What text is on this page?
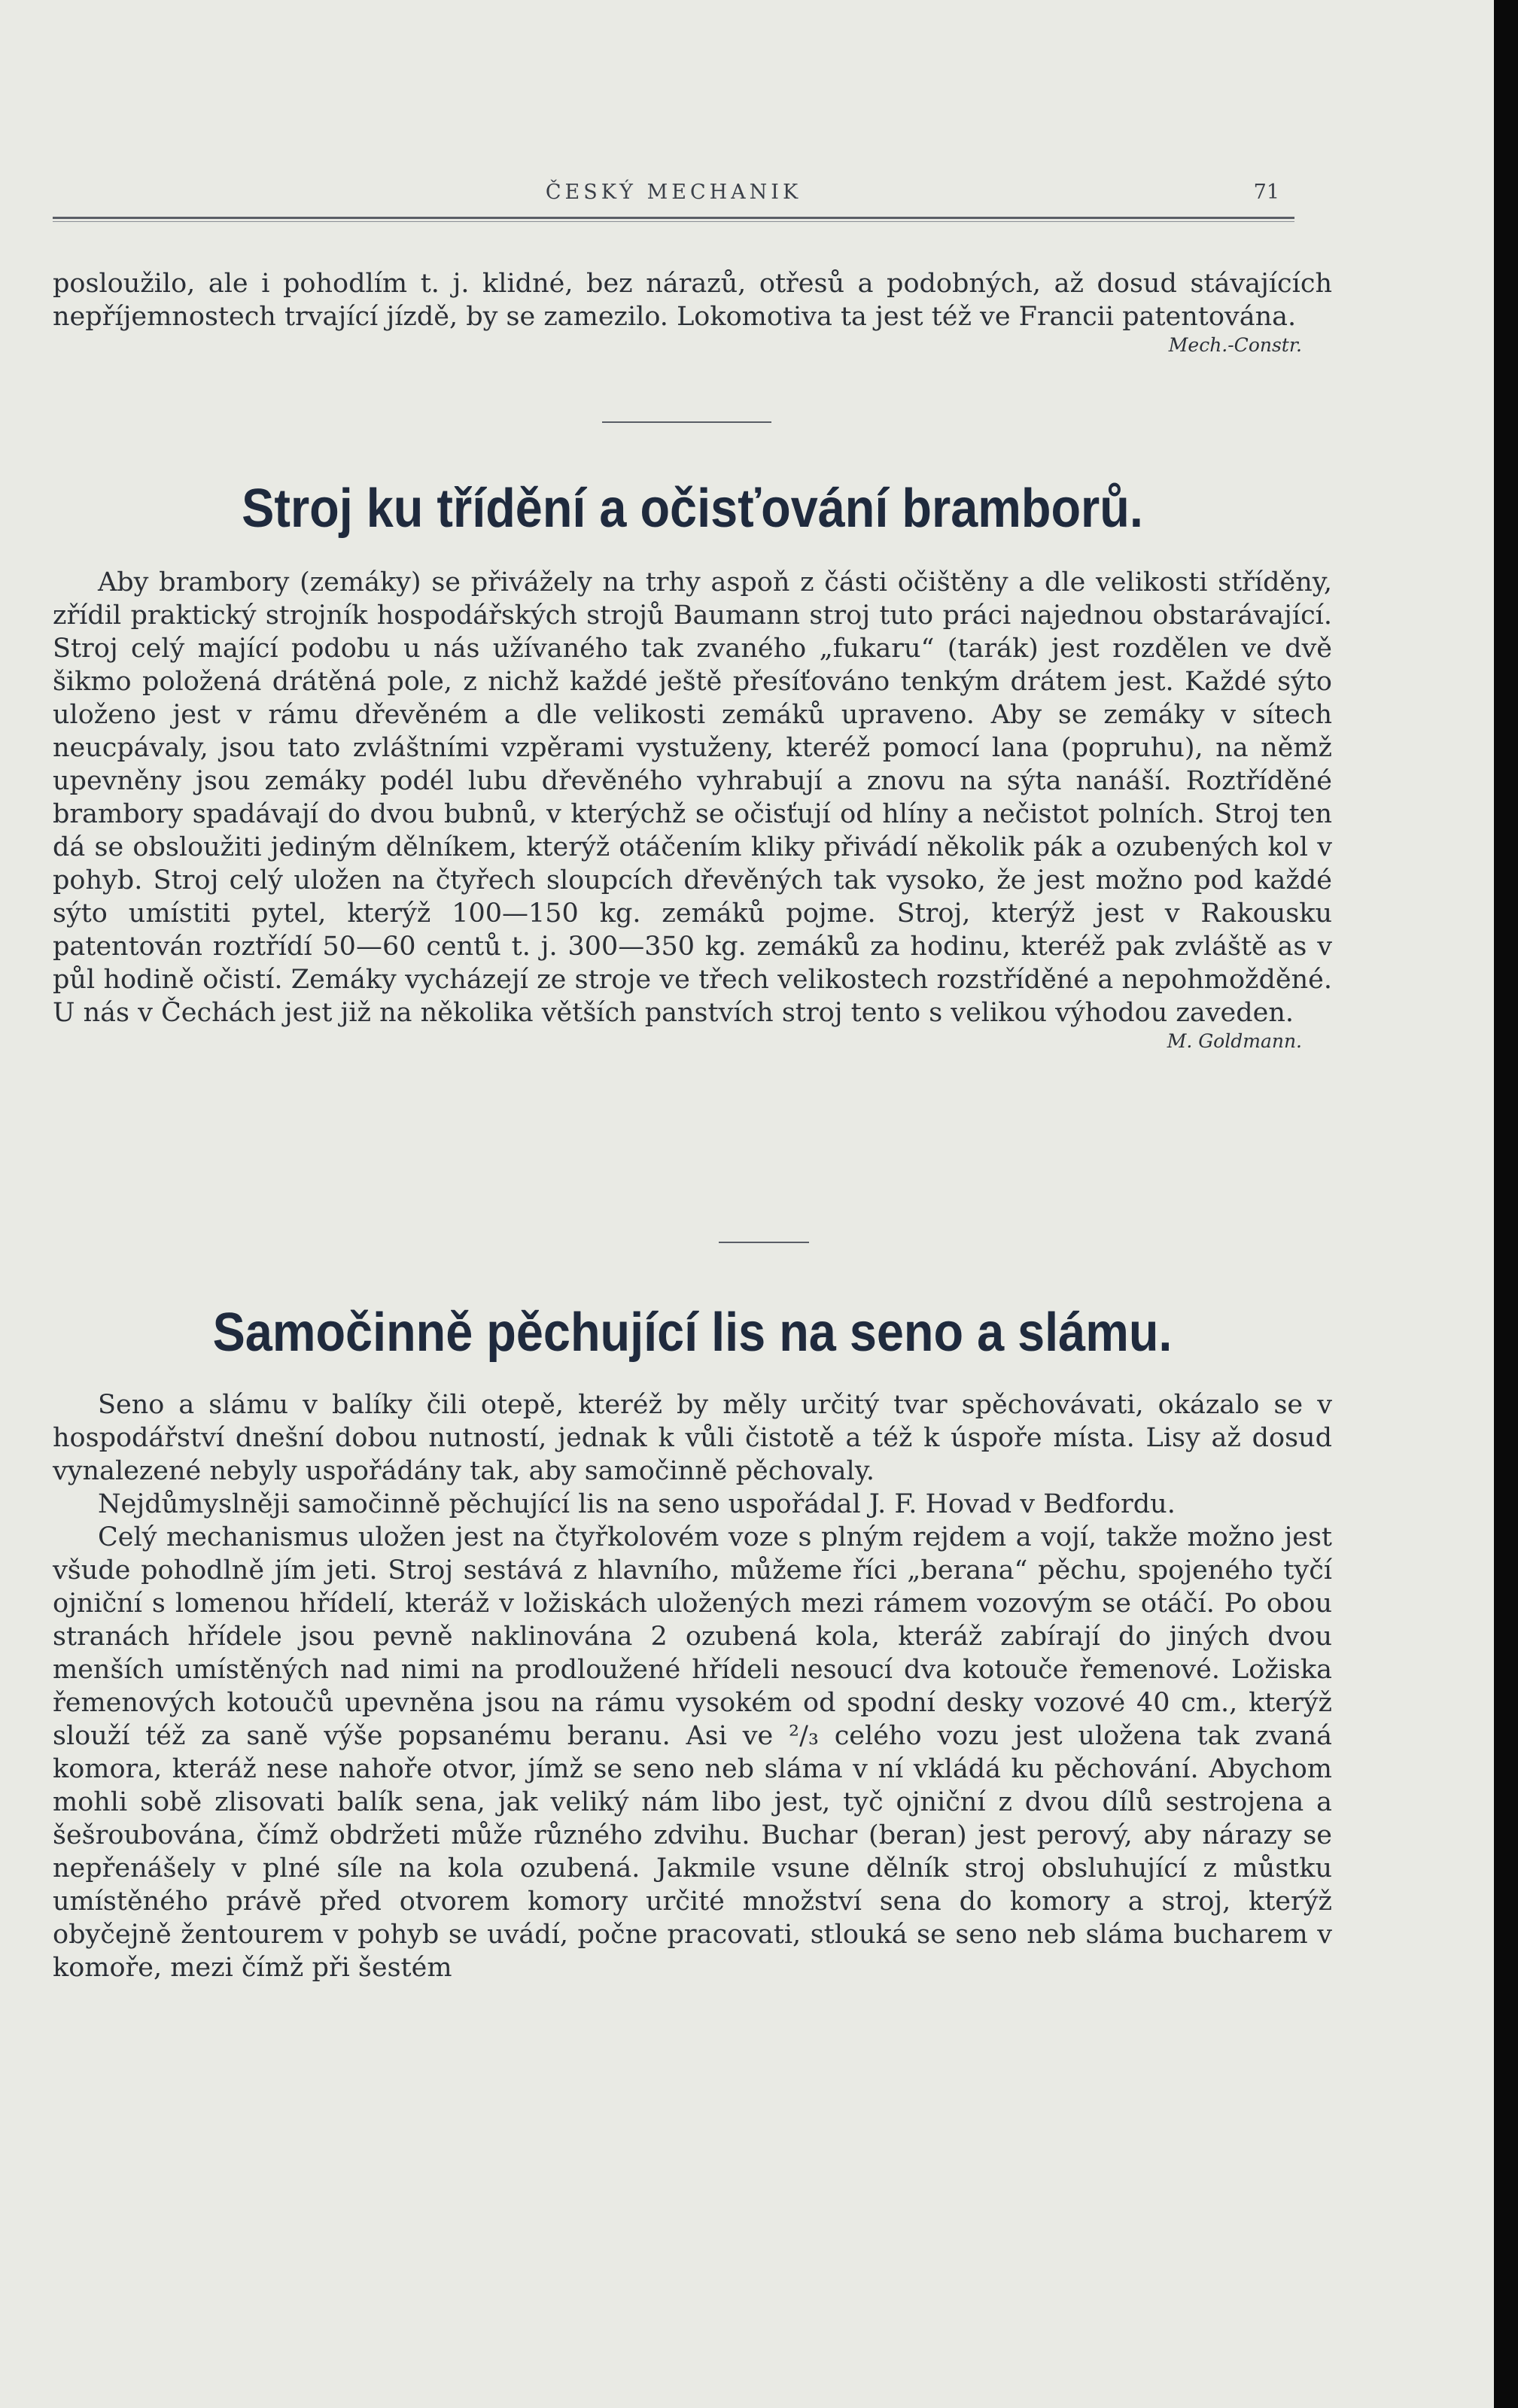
ČESKÝ MECHANIK	71

posloužilo, ale i pohodlím t. j. klidné, bez nárazů, otřesů a podobných, až dosud stávajících nepříjemnostech trvající jízdě, by se zamezilo. Lokomotiva ta jest též ve Francii patentována.

Mech.-Constr.
Stroj ku třídění a očisťování bramborů.

Aby brambory (zemáky) se přivážely na trhy aspoň z části očištěny a dle velikosti stříděny, zřídil praktický strojník hospodářských strojů Baumann stroj tuto práci najednou obstarávající. Stroj celý mající podobu u nás užívaného tak zvaného „fukaru“ (tarák) jest rozdělen ve dvě šikmo položená drátěná pole, z nichž každé ještě přesíťováno tenkým drátem jest. Každé sýto uloženo jest v rámu dřevěném a dle velikosti zemáků upraveno. Aby se zemáky v sítech neucpávaly, jsou tato zvláštními vzpěrami vystuženy, kteréž pomocí lana (popruhu), na němž upevněny jsou zemáky podél lubu dřevěného vyhrabují a znovu na sýta nanáší. Roztříděné brambory spadávají do dvou bubnů, v kterýchž se očisťují od hlíny a nečistot polních. Stroj ten dá se obsloužiti jediným dělníkem, kterýž otáčením kliky přivádí několik pák a ozubených kol v pohyb. Stroj celý uložen na čtyřech sloupcích dřevěných tak vysoko, že jest možno pod každé sýto umístiti pytel, kterýž 100—150 kg. zemáků pojme. Stroj, kterýž jest v Rakousku patentován roztřídí 50—60 centů t. j. 300—350 kg. zemáků za hodinu, kteréž pak zvláště as v půl hodině očistí. Zemáky vycházejí ze stroje ve třech velikostech rozstříděné a nepohmožděné. U nás v Čechách jest již na několika větších panstvích stroj tento s velikou výhodou zaveden.

M. Goldmann.
Samočinně pěchující lis na seno a slámu.

Seno a slámu v balíky čili otepě, kteréž by měly určitý tvar spěchovávati, okázalo se v hospodářství dnešní dobou nutností, jednak k vůli čistotě a též k úspoře místa. Lisy až dosud vynalezené nebyly uspořádány tak, aby samočinně pěchovaly.

Nejdůmyslněji samočinně pěchující lis na seno uspořádal J. F. Hovad v Bedfordu.

Celý mechanismus uložen jest na čtyřkolovém voze s plným rejdem a vojí, takže možno jest všude pohodlně jím jeti. Stroj sestává z hlavního, můžeme říci „berana“ pěchu, spojeného tyčí ojniční s lomenou hřídelí, kteráž v ložiskách uložených mezi rámem vozovým se otáčí. Po obou stranách hřídele jsou pevně naklinována 2 ozubená kola, kteráž zabírají do jiných dvou menších umístěných nad nimi na prodloužené hřídeli nesoucí dva kotouče řemenové. Ložiska řemenových kotoučů upevněna jsou na rámu vysokém od spodní desky vozové 40 cm., kterýž slouží též za saně výše popsanému beranu. Asi ve ²/₃ celého vozu jest uložena tak zvaná komora, kteráž nese nahoře otvor, jímž se seno neb sláma v ní vkládá ku pěchování. Abychom mohli sobě zlisovati balík sena, jak veliký nám libo jest, tyč ojniční z dvou dílů sestrojena a šešroubována, čímž obdržeti může různého zdvihu. Buchar (beran) jest perový, aby nárazy se nepřenášely v plné síle na kola ozubená. Jakmile vsune dělník stroj obsluhující z můstku umístěného právě před otvorem komory určité množství sena do komory a stroj, kterýž obyčejně žentourem v pohyb se uvádí, počne pracovati, stlouká se seno neb sláma bucharem v komoře, mezi čímž při šestém
